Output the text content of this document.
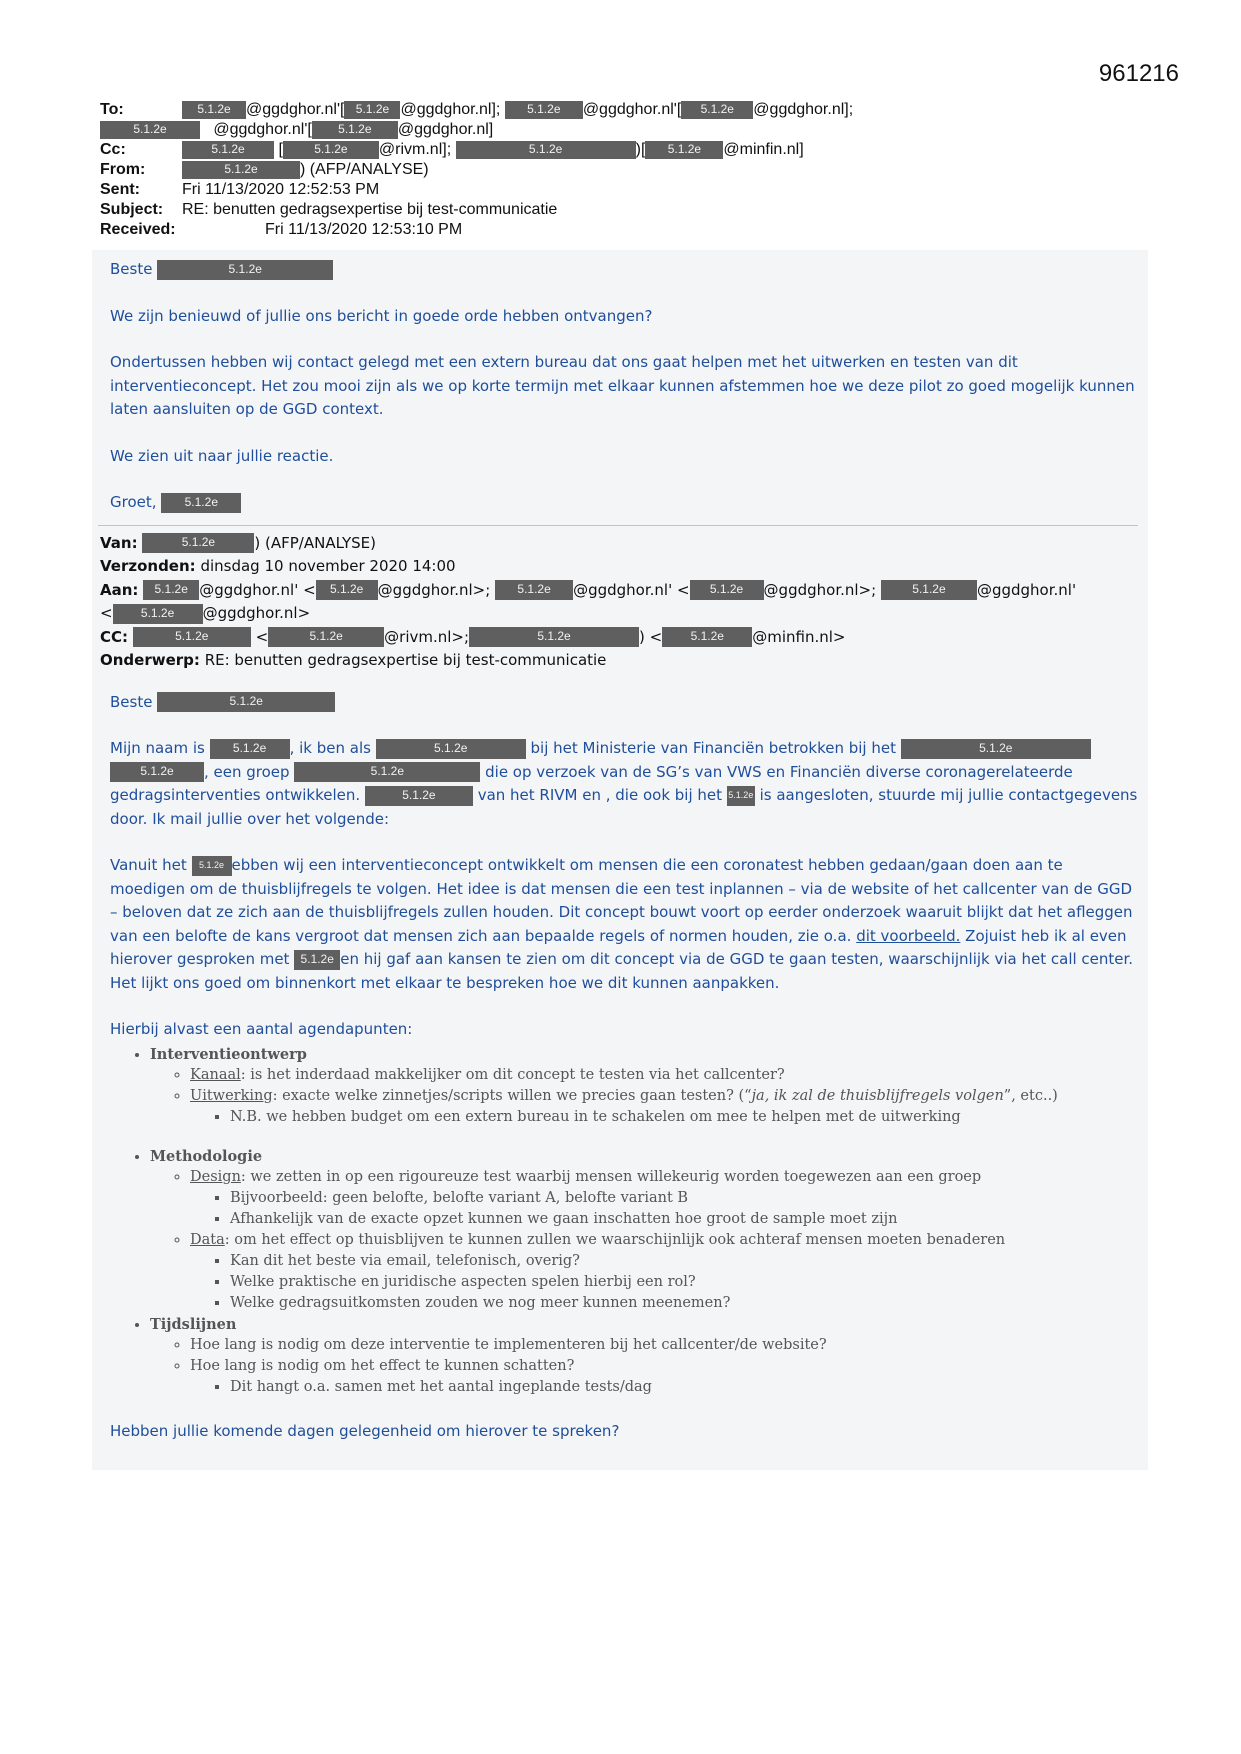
961216
To:	5.1.2e @ggdghor.nl'[ 5.1.2e @ggdghor.nl]; 5.1.2e @ggdghor.nl'[ 5.1.2e @ggdghor.nl];
5.1.2e	@ggdghor.nl'[ 5.1.2e @ggdghor.nl]
Cc:	5.1.2e [	5.1.2e @rivm.nl];	5.1.2e	)[ 5.1.2e @minfin.nl]
From:	5.1.2e	) (AFP/ANALYSE)
Sent:	Fri 11/13/2020 12:52:53 PM
Subject: RE: benutten gedragsexpertise bij test-communicatie
Received:	Fri 11/13/2020 12:53:10 PM

Beste	5.1.2e

We zijn benieuwd of jullie ons bericht in goede orde hebben ontvangen?

Ondertussen hebben wij contact gelegd met een extern bureau dat ons gaat helpen met het uitwerken en testen van dit interventieconcept. Het zou mooi zijn als we op korte termijn met elkaar kunnen afstemmen hoe we deze pilot zo goed mogelijk kunnen laten aansluiten op de GGD context.

We zien uit naar jullie reactie.

Groet, 5.1.2e

Van:	5.1.2e	) (AFP/ANALYSE)
Verzonden: dinsdag 10 november 2020 14:00
Aan: 5.1.2e @ggdghor.nl' < 5.1.2e @ggdghor.nl>; 5.1.2e @ggdghor.nl' < 5.1.2e @ggdghor.nl>;	5.1.2e @ggdghor.nl'
< 5.1.2e @ggdghor.nl>
CC:	5.1.2e	<	5.1.2e	@rivm.nl>;	5.1.2e	) < 5.1.2e @minfin.nl>
Onderwerp: RE: benutten gedragsexpertise bij test-communicatie

Beste	5.1.2e

Mijn naam is 5.1.2e , ik ben als	5.1.2e	bij het Ministerie van Financiën betrokken bij het	5.1.2e 5.1.2e , een groep	5.1.2e	die op verzoek van de SG’s van VWS en Financiën diverse coronagerelateerde gedragsinterventies ontwikkelen.	5.1.2e	van het RIVM en , die ook bij het 5.1.2e is aangesloten, stuurde mij jullie contactgegevens door. Ik mail jullie over het volgende:

Vanuit het 5.1.2e ebben wij een interventieconcept ontwikkelt om mensen die een coronatest hebben gedaan/gaan doen aan te moedigen om de thuisblijfregels te volgen. Het idee is dat mensen die een test inplannen – via de website of het callcenter van de GGD – beloven dat ze zich aan de thuisblijfregels zullen houden. Dit concept bouwt voort op eerder onderzoek waaruit blijkt dat het afleggen van een belofte de kans vergroot dat mensen zich aan bepaalde regels of normen houden, zie o.a. dit voorbeeld. Zojuist heb ik al even hierover gesproken met 5.1.2e en hij gaf aan kansen te zien om dit concept via de GGD te gaan testen, waarschijnlijk via het call center. Het lijkt ons goed om binnenkort met elkaar te bespreken hoe we dit kunnen aanpakken.

Hierbij alvast een aantal agendapunten:

• Interventieontwerp
◦ Kanaal: is het inderdaad makkelijker om dit concept te testen via het callcenter?
◦ Uitwerking: exacte welke zinnetjes/scripts willen we precies gaan testen? (“ja, ik zal de thuisblijfregels volgen”, etc..)
▪ N.B. we hebben budget om een extern bureau in te schakelen om mee te helpen met de uitwerking
• Methodologie
◦ Design: we zetten in op een rigoureuze test waarbij mensen willekeurig worden toegewezen aan een groep
▪ Bijvoorbeeld: geen belofte, belofte variant A, belofte variant B
▪ Afhankelijk van de exacte opzet kunnen we gaan inschatten hoe groot de sample moet zijn
◦ Data: om het effect op thuisblijven te kunnen zullen we waarschijnlijk ook achteraf mensen moeten benaderen
▪ Kan dit het beste via email, telefonisch, overig?
▪ Welke praktische en juridische aspecten spelen hierbij een rol?
▪ Welke gedragsuitkomsten zouden we nog meer kunnen meenemen?
• Tijdslijnen
◦ Hoe lang is nodig om deze interventie te implementeren bij het callcenter/de website?
◦ Hoe lang is nodig om het effect te kunnen schatten?
▪ Dit hangt o.a. samen met het aantal ingeplande tests/dag

Hebben jullie komende dagen gelegenheid om hierover te spreken?
